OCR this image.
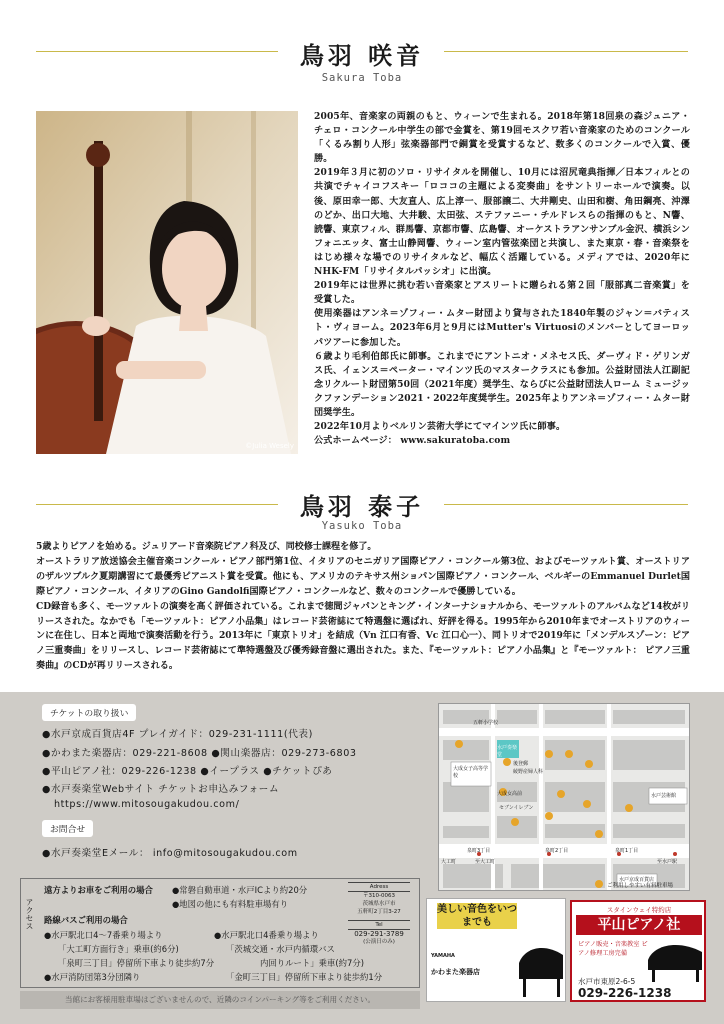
鳥羽 咲音
Sakura Toba
©Julia Wesely

2005年、音楽家の両親のもと、ウィーンで生まれる。2018年第18回泉の森ジュニア・チェロ・コンクール中学生の部で金賞を、第19回モスクワ若い音楽家のためのコンクール「くるみ割り人形」弦楽器部門で銅賞を受賞するなど、数多くのコンクールで入賞、優勝。

2019年３月に初のソロ・リサイタルを開催し、10月には沼尻竜典指揮／日本フィルとの共演でチャイコフスキー「ロココの主題による変奏曲」をサントリーホールで演奏。以後、原田幸一郎、大友直人、広上淳一、服部譲二、大井剛史、山田和樹、角田鋼亮、沖澤のどか、出口大地、大井駿、太田弦、ステファニー・チルドレスらの指揮のもと、N響、読響、東京フィル、群馬響、京都市響、広島響、オーケストラアンサンブル金沢、横浜シンフォニエッタ、富士山静岡響、ウィーン室内管弦楽団と共演し、また東京・春・音楽祭をはじめ様々な場でのリサイタルなど、幅広く活躍している。メディアでは、2020年にNHK-FM「リサイタルパッシオ」に出演。

2019年には世界に挑む若い音楽家とアスリートに贈られる第２回「服部真二音楽賞」を受賞した。

使用楽器はアンネ＝ゾフィー・ムター財団より貸与された1840年製のジャン＝バティスト・ヴィヨーム。2023年6月と9月にはMutter's Virtuosiのメンバーとしてヨーロッパツアーに参加した。

６歳より毛利伯郎氏に師事。これまでにアントニオ・メネセス氏、ダーヴィド・ゲリンガス氏、イェンス＝ペーター・マインツ氏のマスタークラスにも参加。公益財団法人江副記念リクルート財団第50回（2021年度）奨学生、ならびに公益財団法人ローム ミュージックファンデーション2021・2022年度奨学生。2025年よりアンネ＝ゾフィー・ムター財団奨学生。

2022年10月よりベルリン芸術大学にてマインツ氏に師事。

公式ホームページ： www.sakuratoba.com

鳥羽 泰子
Yasuko Toba

5歳よりピアノを始める。ジュリアード音楽院ピアノ科及び、同校修士課程を修了。

オーストラリア放送協会主催音楽コンクール・ピアノ部門第1位、イタリアのセニガリア国際ピアノ・コンクール第3位、およびモーツァルト賞、オーストリアのザルツブルク夏期講習にて最優秀ピアニスト賞を受賞。他にも、アメリカのテキサス州ショパン国際ピアノ・コンクール、ベルギーのEmmanuel Durlet国際ピアノ・コンクール、イタリアのGino Gandolfi国際ピアノ・コンクールなど、数々のコンクールで優勝している。

CD録音も多く、モーツァルトの演奏を高く評価されている。これまで徳間ジャパンとキング・インターナショナルから、モーツァルトのアルバムなど14枚がリリースされた。なかでも「モーツァルト：ピアノ小品集」はレコード芸術誌にて特選盤に選ばれ、好評を得る。1995年から2010年までオーストリアのウィーンに在住し、日本と両地で演奏活動を行う。2013年に「東京トリオ」を結成（Vn 江口有香、Vc 江口心一）、同トリオで2019年に「メンデルスゾーン：ピアノ三重奏曲」をリリースし、レコード芸術誌にて準特選盤及び優秀録音盤に選出された。また、『モーツァルト：ピアノ小品集』と『モーツァルト： ピアノ三重奏曲』のCDが再リリースされる。

チケットの取り扱い
●水戸京成百貨店4F プレイガイド：029-231-1111(代表)
●かわまた楽器店：029-221-8608 ●関山楽器店：029-273-6803
●平山ピアノ社：029-226-1238 ●イープラス ●チケットぴあ
●水戸奏楽堂Webサイト チケットお申込みフォーム
https://www.mitosougakudou.com/
お問合せ
●水戸奏楽堂Eメール： info@mitosougakudou.com
五軒小学校
大成女子高等学校
水戸奏楽堂
綾野産婦人科
大成女高前
セブンイレブン
水戸芸術館
泉町3丁目	泉町2丁目	泉町1丁目
大工町	至水戸駅
水戸京成百貨店
至大工町
後登郵
ご利用しやすい有料駐車場
アクセス
遠方よりお車をご利用の場合 ●常磐自動車道・水戸ICより約20分
●地図の他にも有料駐車場有り
路線バスご利用の場合
●水戸駅北口4〜7番乗り場より
「大工町方面行き」乗車(約6分)
「泉町三丁目」停留所下車より徒歩約7分
●水戸消防団第3分団隣り
●水戸駅北口4番乗り場より
「茨城交通・水戸内循環バス
内回りルート」乗車(約7分)
「金町三丁目」停留所下車より徒歩約1分
Adress
〒310-0063
茨城県水戸市
五軒町2丁目3-27
Tel
029-291-3789
(公演日のみ)
当館にお客様用駐車場はございませんので、近隣のコインパーキング等をご利用ください。
美しい音色をいつまでも
YAMAHA
かわまた楽器店
スタインウェイ特約店
平山ピアノ社
ピアノ販売・音楽教室 ピアノ修理工房完備
水戸市東原2-6-5
029-226-1238
